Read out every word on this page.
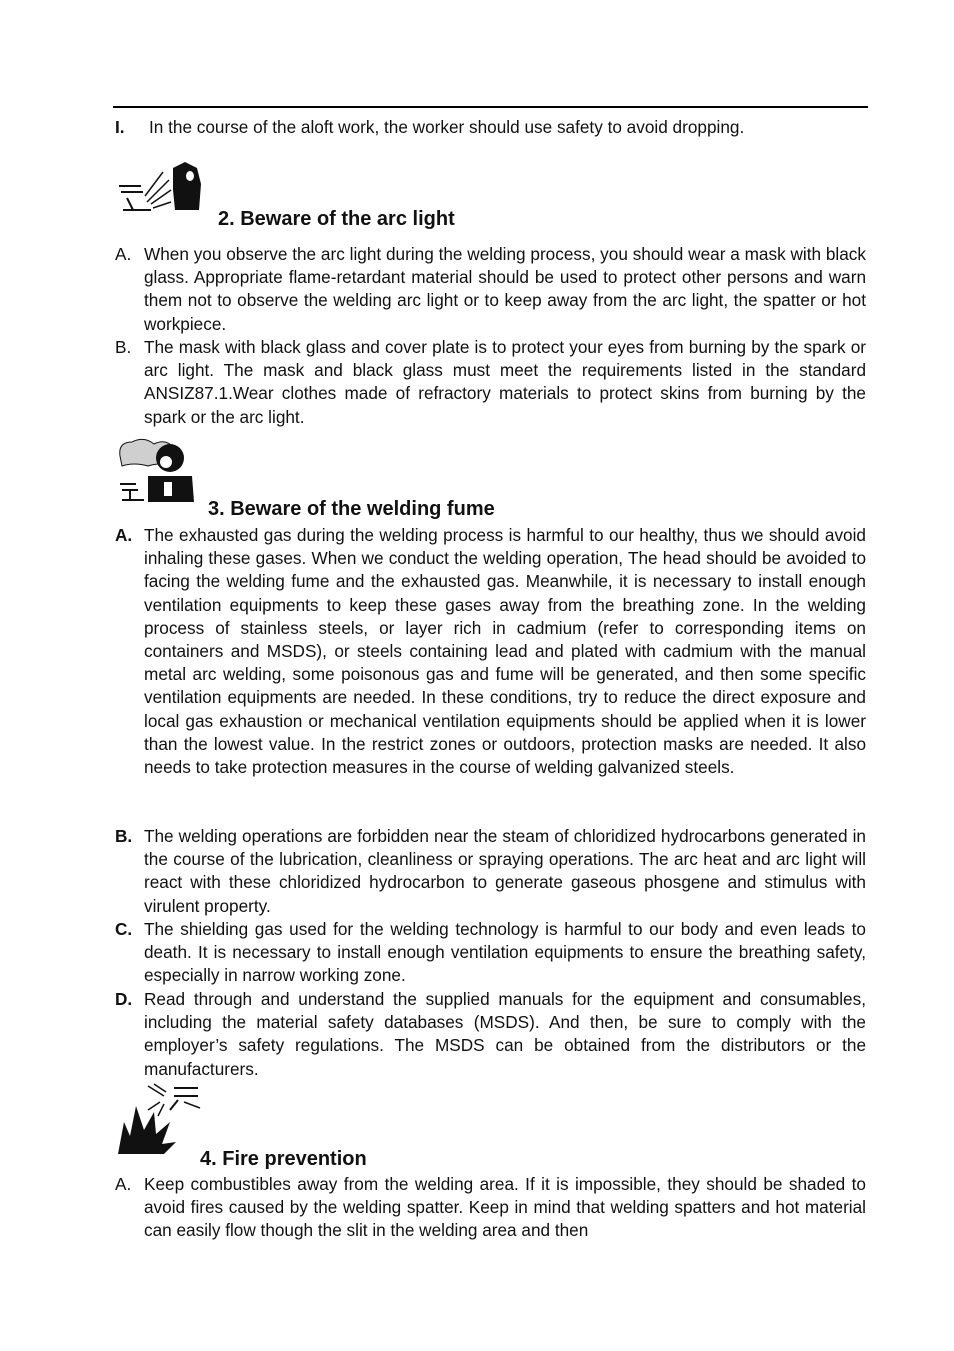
I. In the course of the aloft work, the worker should use safety to avoid dropping.
2. Beware of the arc light
A. When you observe the arc light during the welding process, you should wear a mask with black glass. Appropriate flame-retardant material should be used to protect other persons and warn them not to observe the welding arc light or to keep away from the arc light, the spatter or hot workpiece.
B. The mask with black glass and cover plate is to protect your eyes from burning by the spark or arc light. The mask and black glass must meet the requirements listed in the standard ANSIZ87.1.Wear clothes made of refractory materials to protect skins from burning by the spark or the arc light.
3. Beware of the welding fume
A. The exhausted gas during the welding process is harmful to our healthy, thus we should avoid inhaling these gases. When we conduct the welding operation, The head should be avoided to facing the welding fume and the exhausted gas. Meanwhile, it is necessary to install enough ventilation equipments to keep these gases away from the breathing zone. In the welding process of stainless steels, or layer rich in cadmium (refer to corresponding items on containers and MSDS), or steels containing lead and plated with cadmium with the manual metal arc welding, some poisonous gas and fume will be generated, and then some specific ventilation equipments are needed. In these conditions, try to reduce the direct exposure and local gas exhaustion or mechanical ventilation equipments should be applied when it is lower than the lowest value. In the restrict zones or outdoors, protection masks are needed. It also needs to take protection measures in the course of welding galvanized steels.
B. The welding operations are forbidden near the steam of chloridized hydrocarbons generated in the course of the lubrication, cleanliness or spraying operations. The arc heat and arc light will react with these chloridized hydrocarbon to generate gaseous phosgene and stimulus with virulent property.
C. The shielding gas used for the welding technology is harmful to our body and even leads to death. It is necessary to install enough ventilation equipments to ensure the breathing safety, especially in narrow working zone.
D. Read through and understand the supplied manuals for the equipment and consumables, including the material safety databases (MSDS). And then, be sure to comply with the employer’s safety regulations. The MSDS can be obtained from the distributors or the manufacturers.
4. Fire prevention
A. Keep combustibles away from the welding area. If it is impossible, they should be shaded to avoid fires caused by the welding spatter. Keep in mind that welding spatters and hot material can easily flow though the slit in the welding area and then
